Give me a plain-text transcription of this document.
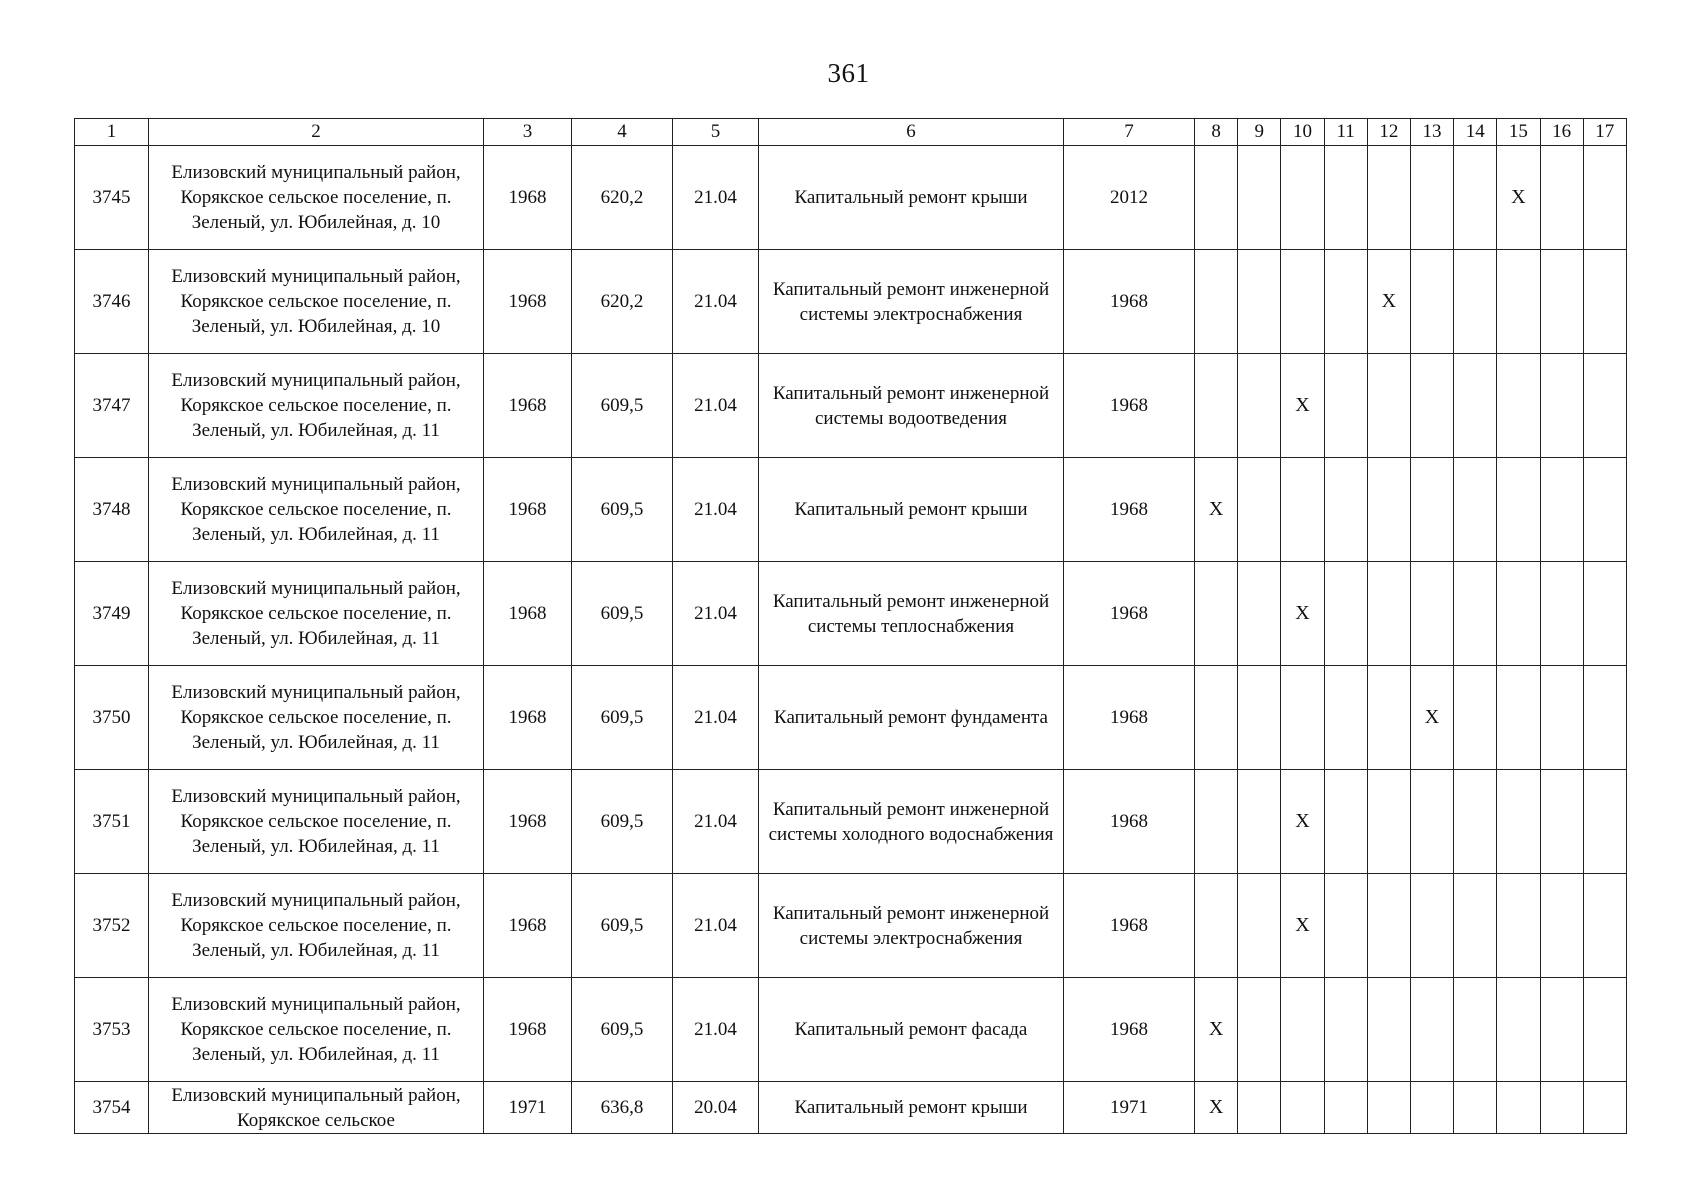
361
1	2	3	4	5	6	7	8	9	10	11	12	13	14	15	16	17
3745	Елизовский муниципальный район, Корякское сельское поселение, п. Зеленый, ул. Юбилейная, д. 10	1968	620,2	21.04	Капитальный ремонт крыши	2012								X		
3746	Елизовский муниципальный район, Корякское сельское поселение, п. Зеленый, ул. Юбилейная, д. 10	1968	620,2	21.04	Капитальный ремонт инженерной системы электроснабжения	1968					X					
3747	Елизовский муниципальный район, Корякское сельское поселение, п. Зеленый, ул. Юбилейная, д. 11	1968	609,5	21.04	Капитальный ремонт инженерной системы водоотведения	1968			X							
3748	Елизовский муниципальный район, Корякское сельское поселение, п. Зеленый, ул. Юбилейная, д. 11	1968	609,5	21.04	Капитальный ремонт крыши	1968	X									
3749	Елизовский муниципальный район, Корякское сельское поселение, п. Зеленый, ул. Юбилейная, д. 11	1968	609,5	21.04	Капитальный ремонт инженерной системы теплоснабжения	1968			X							
3750	Елизовский муниципальный район, Корякское сельское поселение, п. Зеленый, ул. Юбилейная, д. 11	1968	609,5	21.04	Капитальный ремонт фундамента	1968						X				
3751	Елизовский муниципальный район, Корякское сельское поселение, п. Зеленый, ул. Юбилейная, д. 11	1968	609,5	21.04	Капитальный ремонт инженерной системы холодного водоснабжения	1968			X							
3752	Елизовский муниципальный район, Корякское сельское поселение, п. Зеленый, ул. Юбилейная, д. 11	1968	609,5	21.04	Капитальный ремонт инженерной системы электроснабжения	1968			X							
3753	Елизовский муниципальный район, Корякское сельское поселение, п. Зеленый, ул. Юбилейная, д. 11	1968	609,5	21.04	Капитальный ремонт фасада	1968	X									
3754	Елизовский муниципальный район, Корякское сельское	1971	636,8	20.04	Капитальный ремонт крыши	1971	X									
